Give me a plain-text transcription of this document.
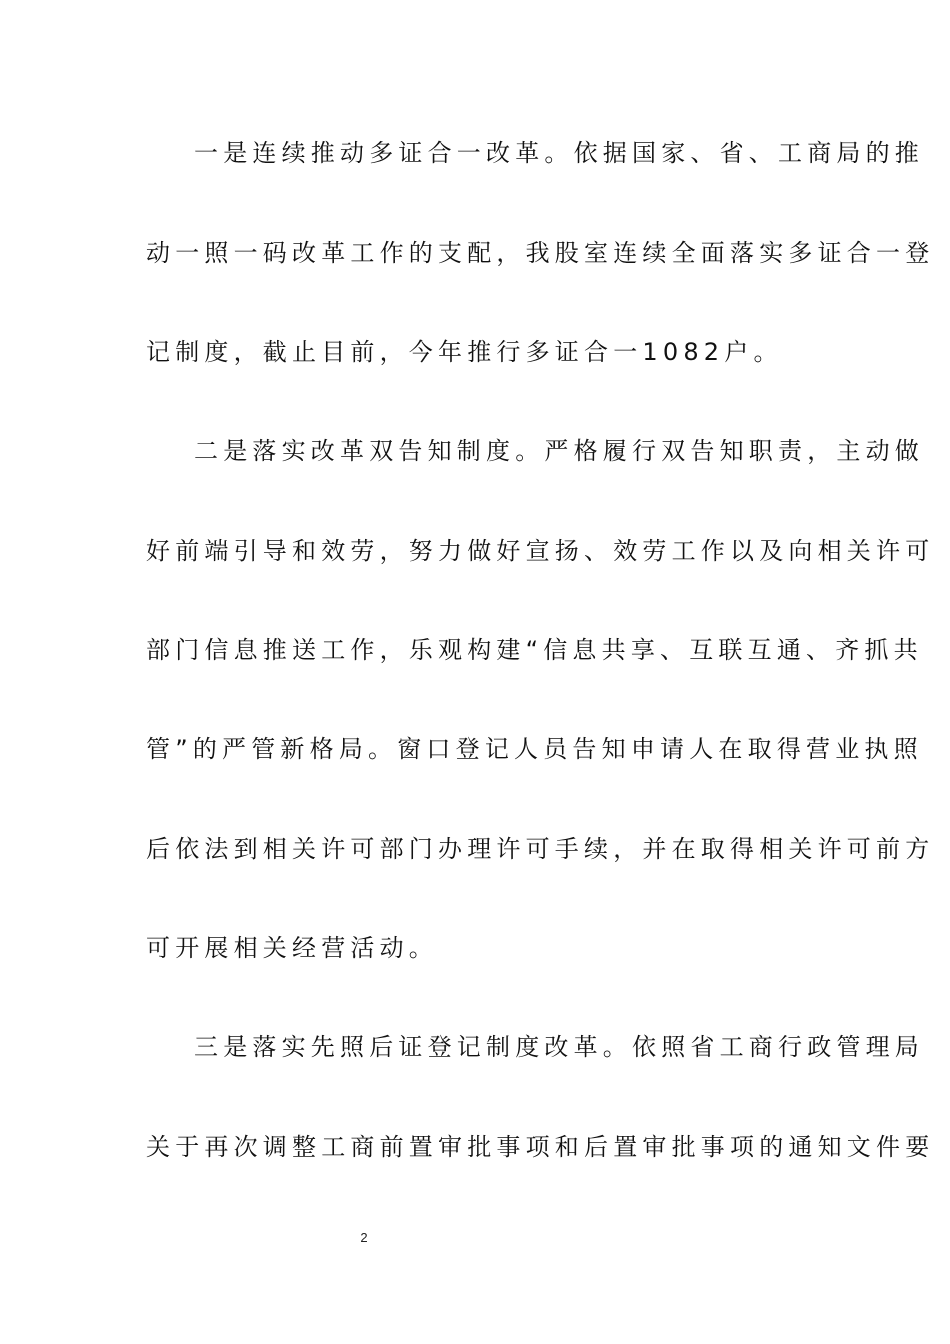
一是连续推动多证合一改革。依据国家、省、工商局的推
动一照一码改革工作的支配，我股室连续全面落实多证合一登
记制度，截止目前，今年推行多证合一1082户。
二是落实改革双告知制度。严格履行双告知职责，主动做
好前端引导和效劳，努力做好宣扬、效劳工作以及向相关许可
部门信息推送工作，乐观构建“信息共享、互联互通、齐抓共
管”的严管新格局。窗口登记人员告知申请人在取得营业执照
后依法到相关许可部门办理许可手续，并在取得相关许可前方
可开展相关经营活动。
三是落实先照后证登记制度改革。依照省工商行政管理局
关于再次调整工商前置审批事项和后置审批事项的通知文件要
2
